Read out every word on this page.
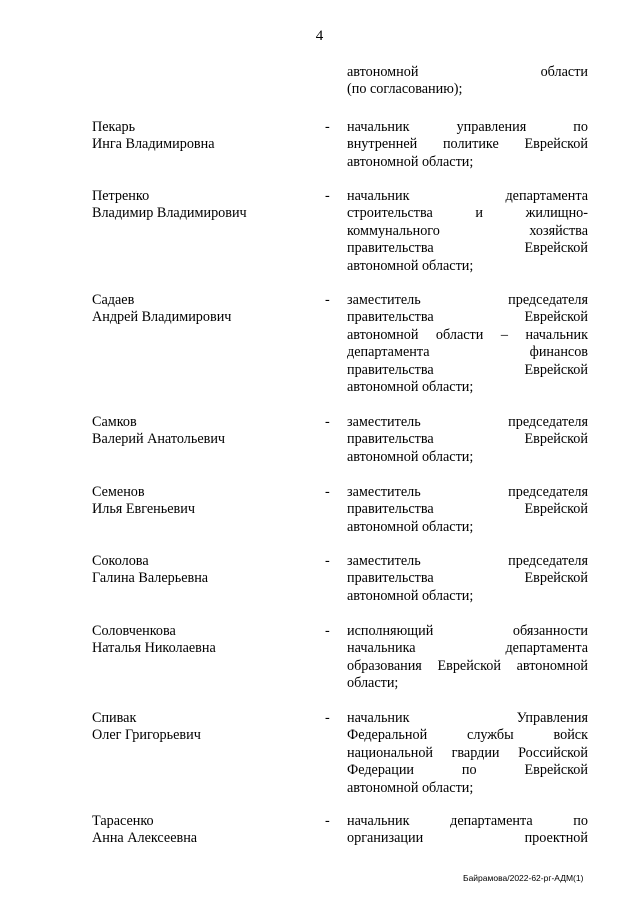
4
автономной	области
(по согласованию);
Пекарь
Инга Владимировна
- начальник	управления	по
внутренней политике Еврейской
автономной области;
Петренко
Владимир Владимирович
- начальник	департамента
строительства	и	жилищно-
коммунального	хозяйства
правительства	Еврейской
автономной области;
Садаев
Андрей Владимирович
- заместитель	председателя
правительства	Еврейской
автономной области – начальник
департамента	финансов
правительства	Еврейской
автономной области;
Самков
Валерий Анатольевич
- заместитель	председателя
правительства	Еврейской
автономной области;
Семенов
Илья Евгеньевич
- заместитель	председателя
правительства	Еврейской
автономной области;
Соколова
Галина Валерьевна
- заместитель	председателя
правительства	Еврейской
автономной области;
Соловченкова
Наталья Николаевна
- исполняющий	обязанности
начальника	департамента
образования Еврейской автономной
области;
Спивак
Олег Григорьевич
- начальник	Управления
Федеральной	службы	войск
национальной гвардии Российской
Федерации	по	Еврейской
автономной области;
Тарасенко
Анна Алексеевна
- начальник	департамента	по
организации	проектной
Байрамова/2022-62-рг-АДМ(1)
